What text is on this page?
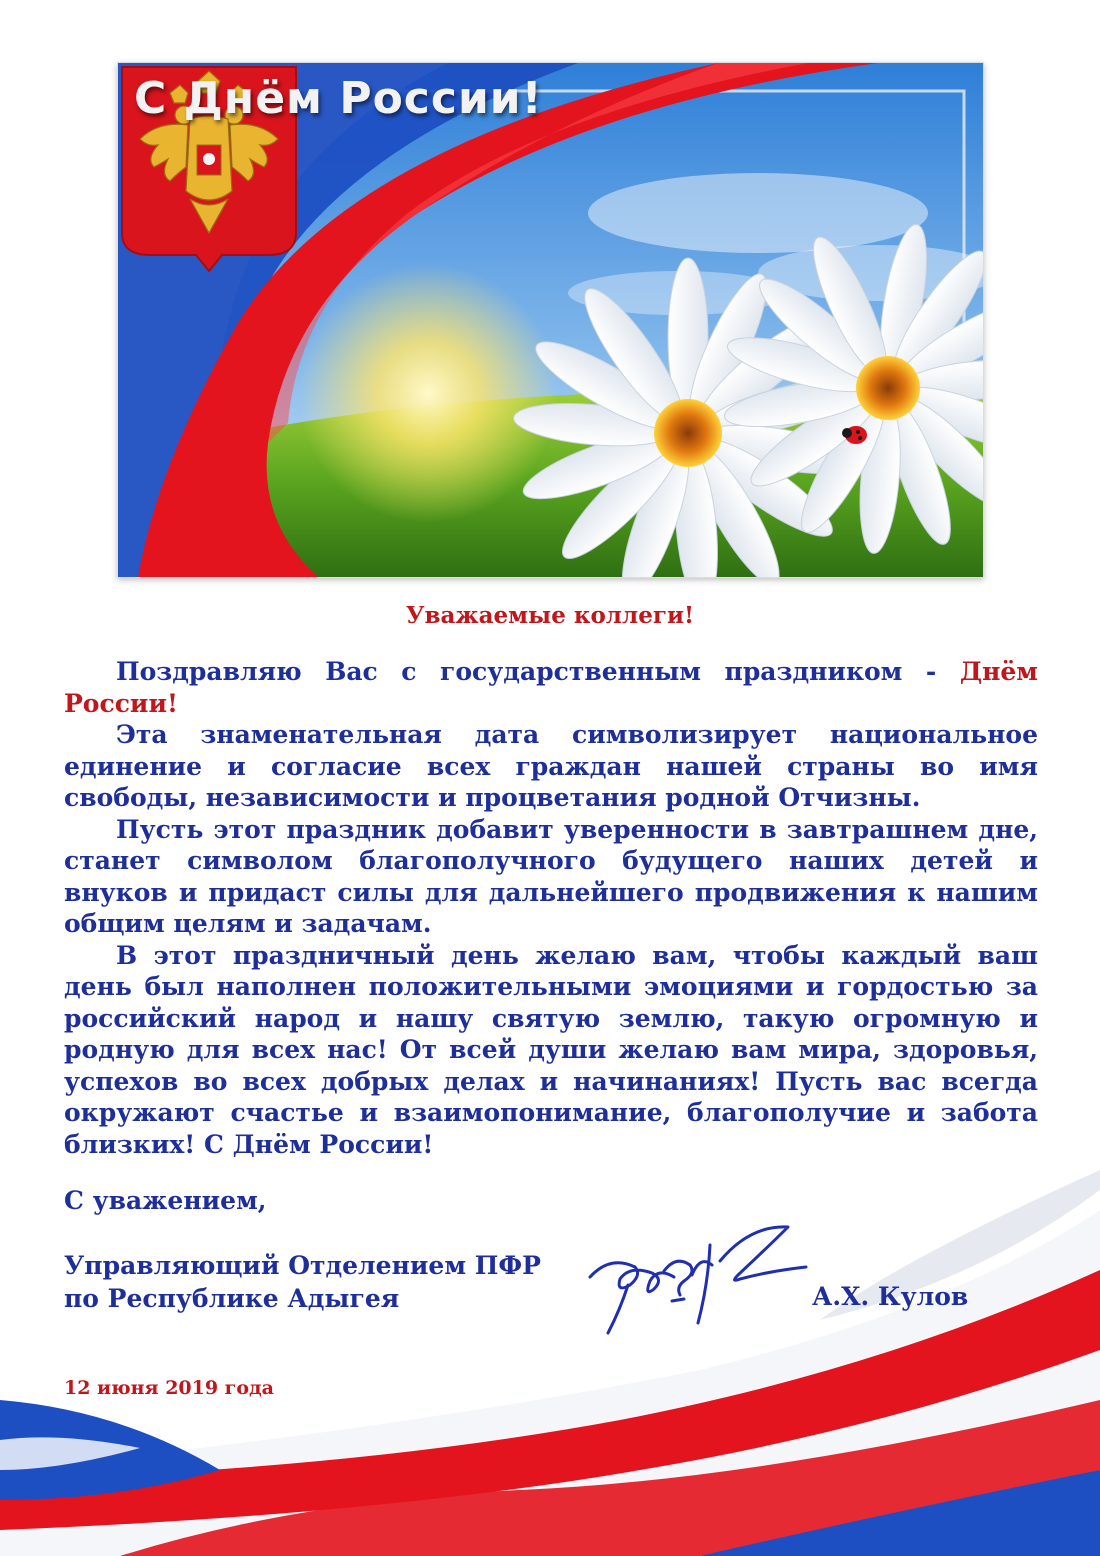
С Днём России!
Уважаемые коллеги!

Поздравляю Вас с государственным праздником - Днём России!

Эта знаменательная дата символизирует национальное единение и согласие всех граждан нашей страны во имя свободы, независимости и процветания родной Отчизны.

Пусть этот праздник добавит уверенности в завтрашнем дне, станет символом благополучного будущего наших детей и внуков и придаст силы для дальнейшего продвижения к нашим общим целям и задачам.

В этот праздничный день желаю вам, чтобы каждый ваш день был наполнен положительными эмоциями и гордостью за российский народ и нашу святую землю, такую огромную и родную для всех нас! От всей души желаю вам мира, здоровья, успехов во всех добрых делах и начинаниях! Пусть вас всегда окружают счастье и взаимопонимание, благополучие и забота близких! С Днём России!

С уважением,
Управляющий Отделением ПФР
по Республике Адыгея	А.Х. Кулов
12 июня 2019 года
